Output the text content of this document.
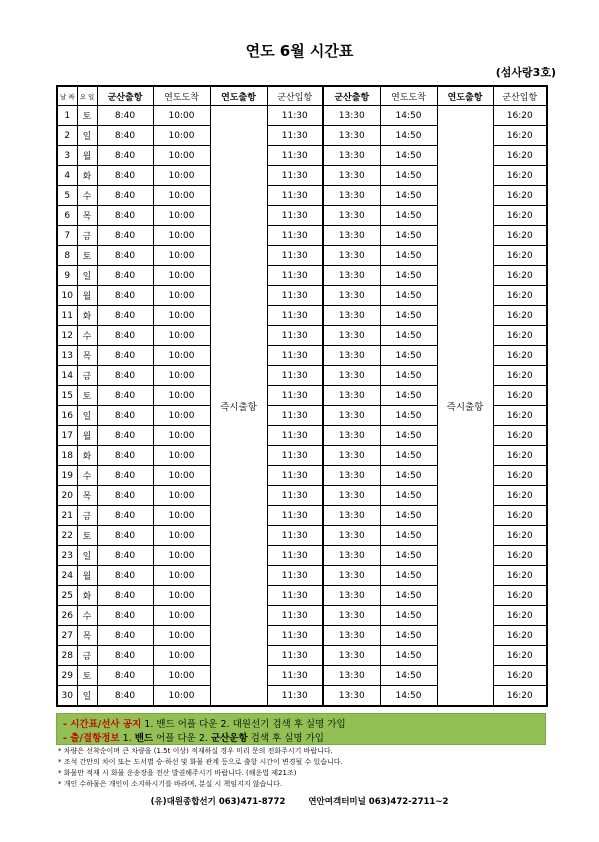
연도 6월 시간표
(섬사랑3호)
날 짜	요 일	군산출항	연도도착	연도출항	군산입항	군산출항	연도도착	연도출항	군산입항
1	토	8:40	10:00	즉시출항	11:30	13:30	14:50	즉시출항	16:20
2	일	8:40	10:00		11:30	13:30	14:50		16:20
3	월	8:40	10:00		11:30	13:30	14:50		16:20
4	화	8:40	10:00		11:30	13:30	14:50		16:20
5	수	8:40	10:00		11:30	13:30	14:50		16:20
6	목	8:40	10:00		11:30	13:30	14:50		16:20
7	금	8:40	10:00		11:30	13:30	14:50		16:20
8	토	8:40	10:00		11:30	13:30	14:50		16:20
9	일	8:40	10:00		11:30	13:30	14:50		16:20
10	월	8:40	10:00		11:30	13:30	14:50		16:20
11	화	8:40	10:00		11:30	13:30	14:50		16:20
12	수	8:40	10:00		11:30	13:30	14:50		16:20
13	목	8:40	10:00		11:30	13:30	14:50		16:20
14	금	8:40	10:00		11:30	13:30	14:50		16:20
15	토	8:40	10:00		11:30	13:30	14:50		16:20
16	일	8:40	10:00		11:30	13:30	14:50		16:20
17	월	8:40	10:00		11:30	13:30	14:50		16:20
18	화	8:40	10:00		11:30	13:30	14:50		16:20
19	수	8:40	10:00		11:30	13:30	14:50		16:20
20	목	8:40	10:00		11:30	13:30	14:50		16:20
21	금	8:40	10:00		11:30	13:30	14:50		16:20
22	토	8:40	10:00		11:30	13:30	14:50		16:20
23	일	8:40	10:00		11:30	13:30	14:50		16:20
24	월	8:40	10:00		11:30	13:30	14:50		16:20
25	화	8:40	10:00		11:30	13:30	14:50		16:20
26	수	8:40	10:00		11:30	13:30	14:50		16:20
27	목	8:40	10:00		11:30	13:30	14:50		16:20
28	금	8:40	10:00		11:30	13:30	14:50		16:20
29	토	8:40	10:00		11:30	13:30	14:50		16:20
30	일	8:40	10:00		11:30	13:30	14:50		16:20
- 시간표/선사 공지 1. 밴드 어플 다운 2. 대원선기 검색 후 실명 가입
- 출/결항정보 1. 밴드 어플 다운 2. 군산운항 검색 후 실명 가입
* 차량은 선착순이며 큰 차량을 (1.5t 이상) 적재하실 경우 미리 문의 전화주시기 바랍니다.
* 조석 간만의 차이 또는 도서별 승·하선 및 화물 관계 등으로 출항 시간이 변경될 수 있습니다.
* 화물만 적재 시 화물 운송장을 전산 발권해주시기 바랍니다. (해운법 제21조)
* 개인 수하물은 개인이 소지하시기를 바라며, 분실 시 책임지지 않습니다.
(유)대원종합선기 063)471-8772	연안여객터미널 063)472-2711~2
